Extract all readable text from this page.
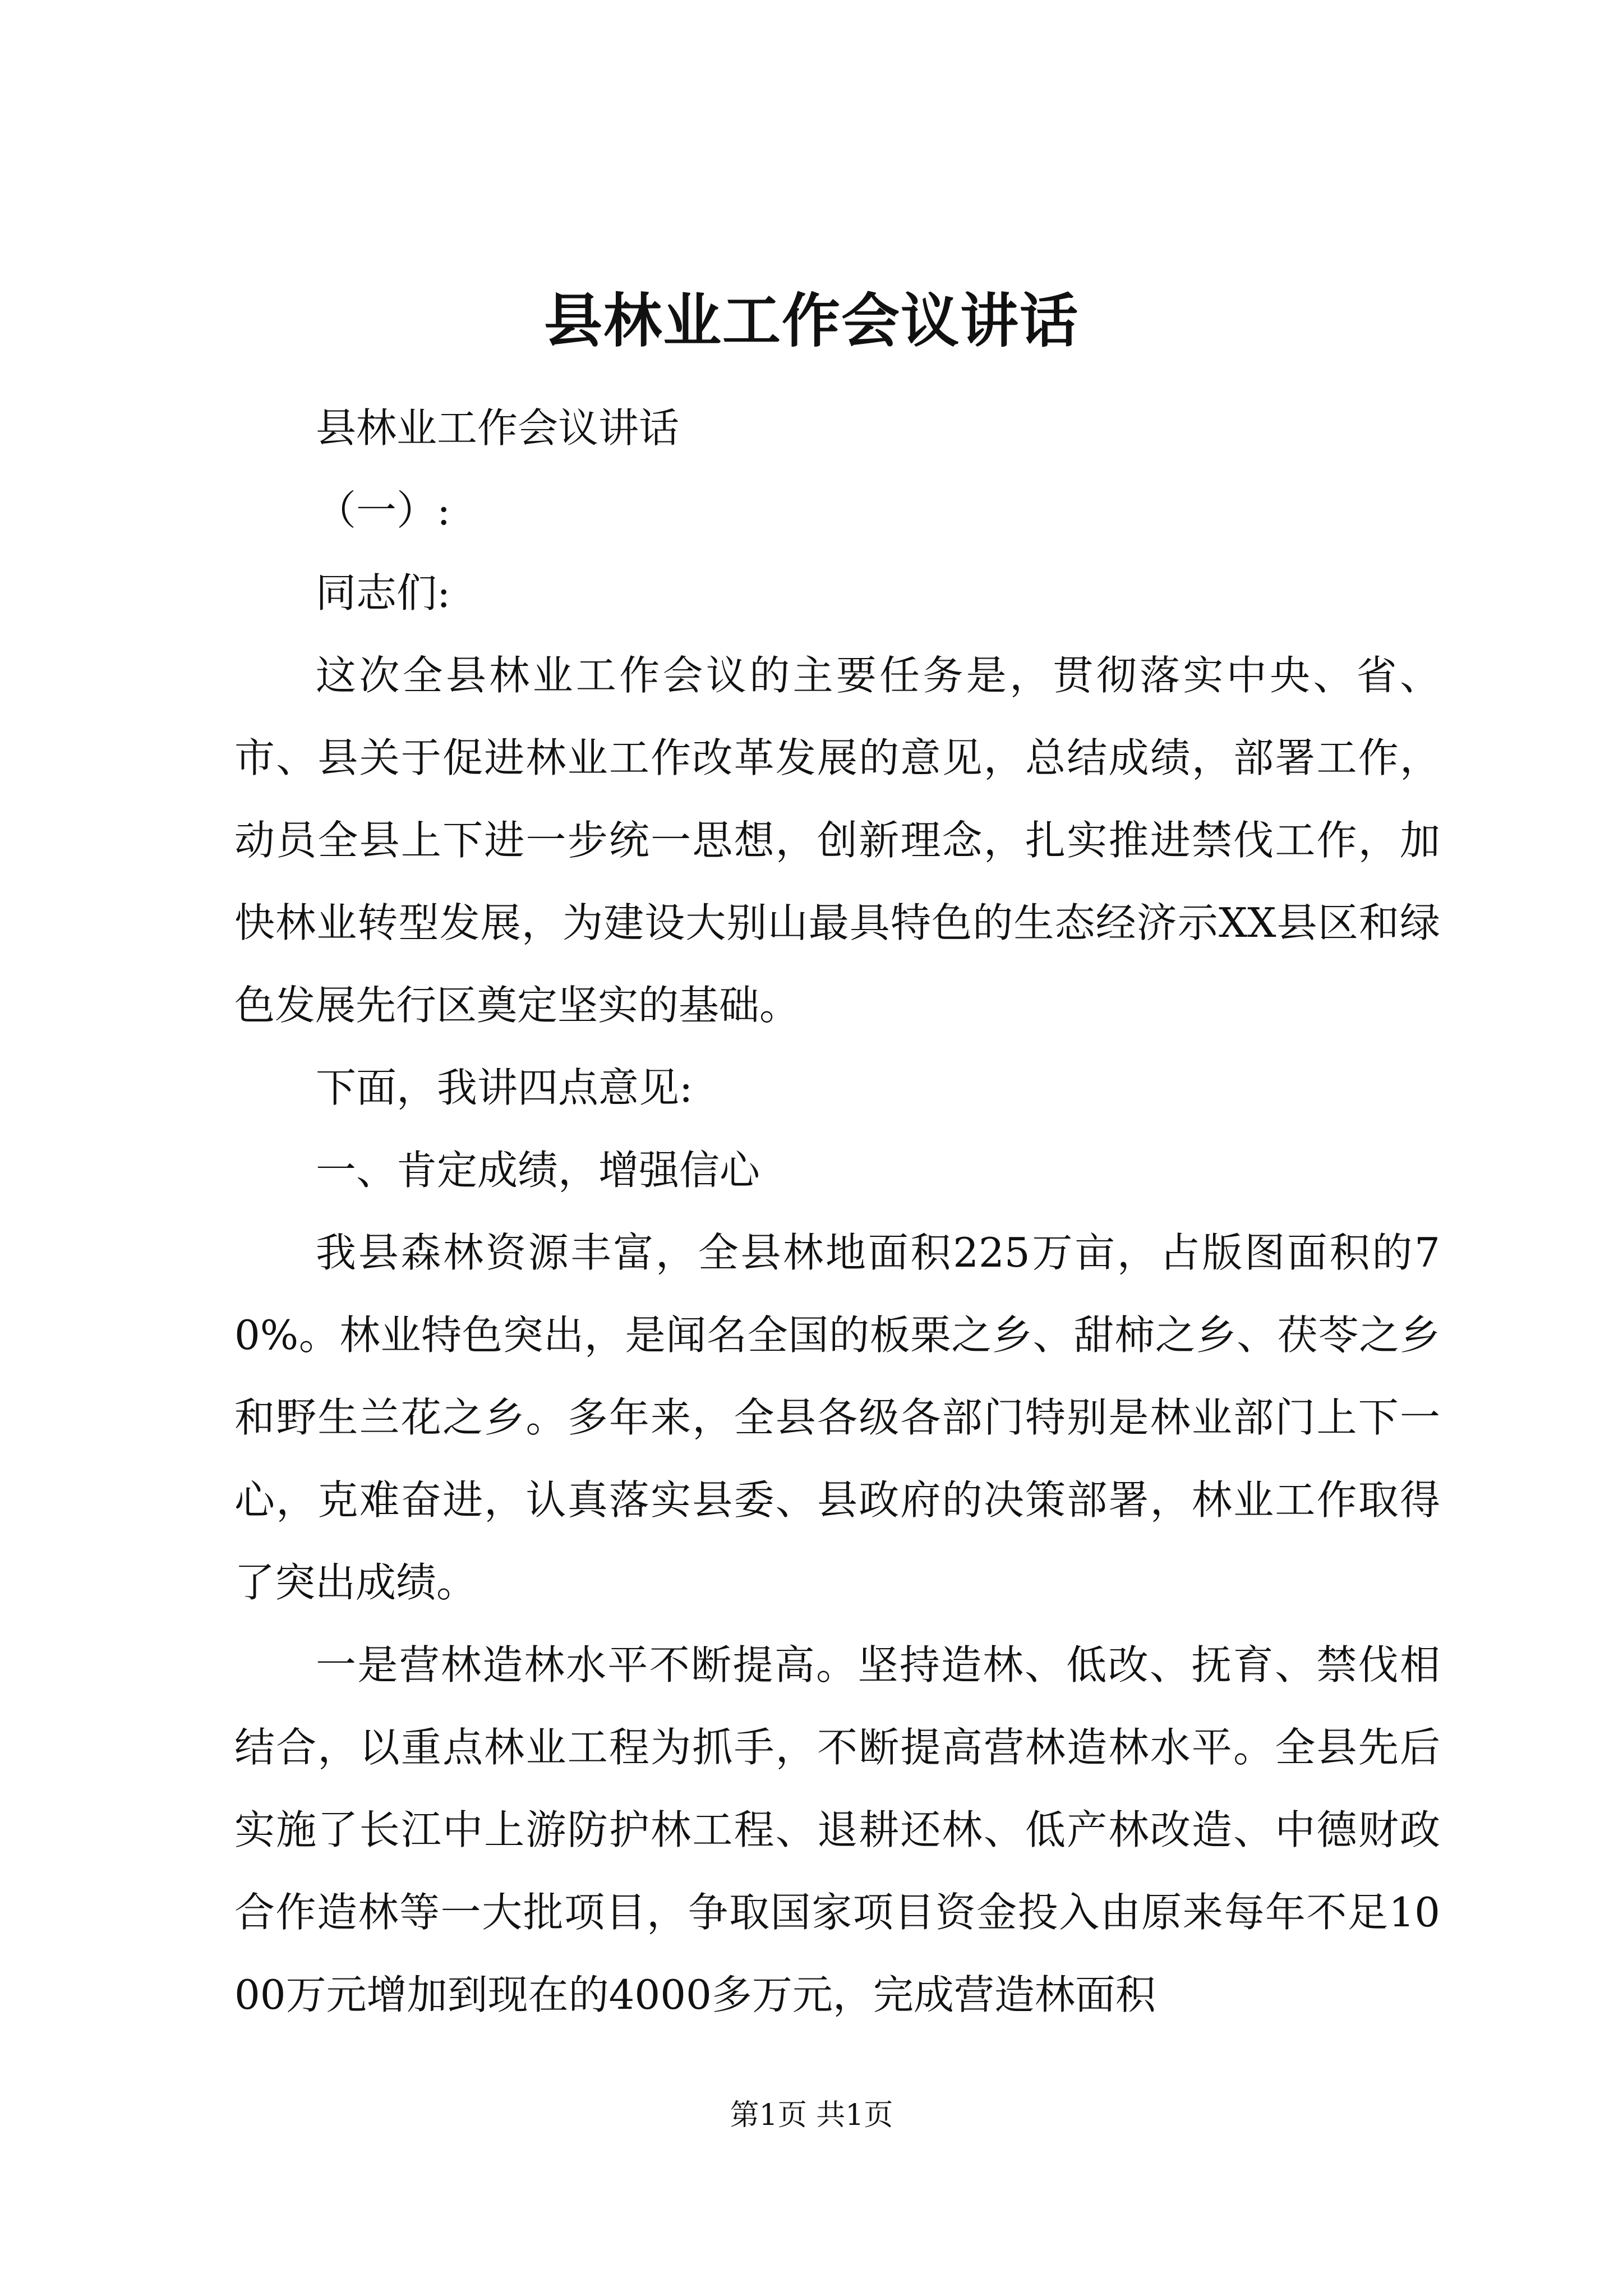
县林业工作会议讲话

县林业工作会议讲话

（一）:

同志们:

这次全县林业工作会议的主要任务是，贯彻落实中央、省、市、县关于促进林业工作改革发展的意见，总结成绩，部署工作，动员全县上下进一步统一思想，创新理念，扎实推进禁伐工作，加快林业转型发展，为建设大别山最具特色的生态经济示XX县区和绿色发展先行区奠定坚实的基础。

下面，我讲四点意见:

一、肯定成绩，增强信心

我县森林资源丰富，全县林地面积225万亩，占版图面积的70%。林业特色突出，是闻名全国的板栗之乡、甜柿之乡、茯苓之乡和野生兰花之乡。多年来，全县各级各部门特别是林业部门上下一心，克难奋进，认真落实县委、县政府的决策部署，林业工作取得了突出成绩。

一是营林造林水平不断提高。坚持造林、低改、抚育、禁伐相结合，以重点林业工程为抓手，不断提高营林造林水平。全县先后实施了长江中上游防护林工程、退耕还林、低产林改造、中德财政合作造林等一大批项目，争取国家项目资金投入由原来每年不足1000万元增加到现在的4000多万元，完成营造林面积

第1页 共1页
